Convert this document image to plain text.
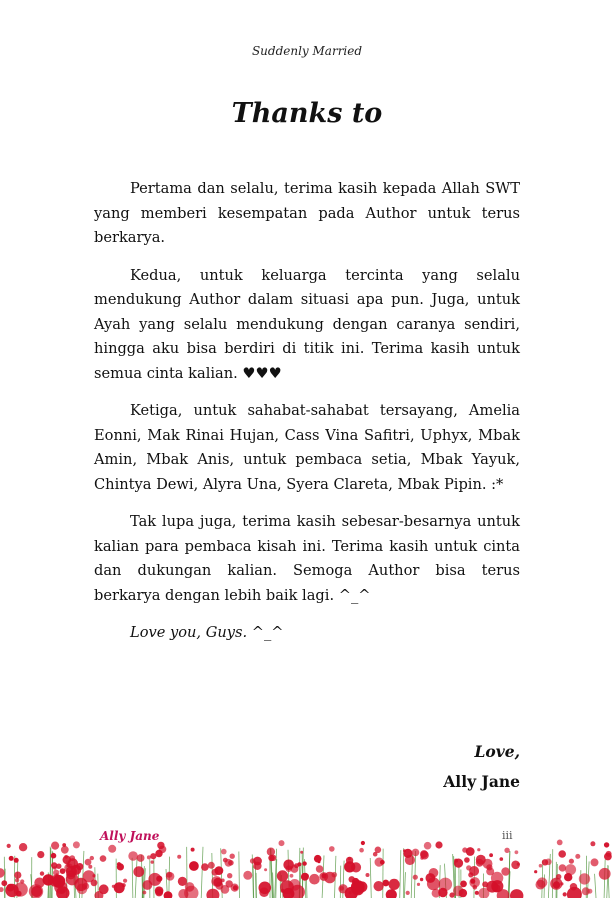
Suddenly Married
Thanks to

Pertama dan selalu, terima kasih kepada Allah SWT yang memberi kesempatan pada Author untuk terus berkarya.

Kedua, untuk keluarga tercinta yang selalu mendukung Author dalam situasi apa pun. Juga, untuk Ayah yang selalu mendukung dengan caranya sendiri, hingga aku bisa berdiri di titik ini. Terima kasih untuk semua cinta kalian. ♥♥♥

Ketiga, untuk sahabat-sahabat tersayang, Amelia Eonni, Mak Rinai Hujan, Cass Vina Safitri, Uphyx, Mbak Amin, Mbak Anis, untuk pembaca setia, Mbak Yayuk, Chintya Dewi, Alyra Una, Syera Clareta, Mbak Pipin. :*

Tak lupa juga, terima kasih sebesar-besarnya untuk kalian para pembaca kisah ini. Terima kasih untuk cinta dan dukungan kalian. Semoga Author bisa terus berkarya dengan lebih baik lagi. ^_^

Love you, Guys. ^_^

Love,
Ally Jane
Ally Jane	iii
